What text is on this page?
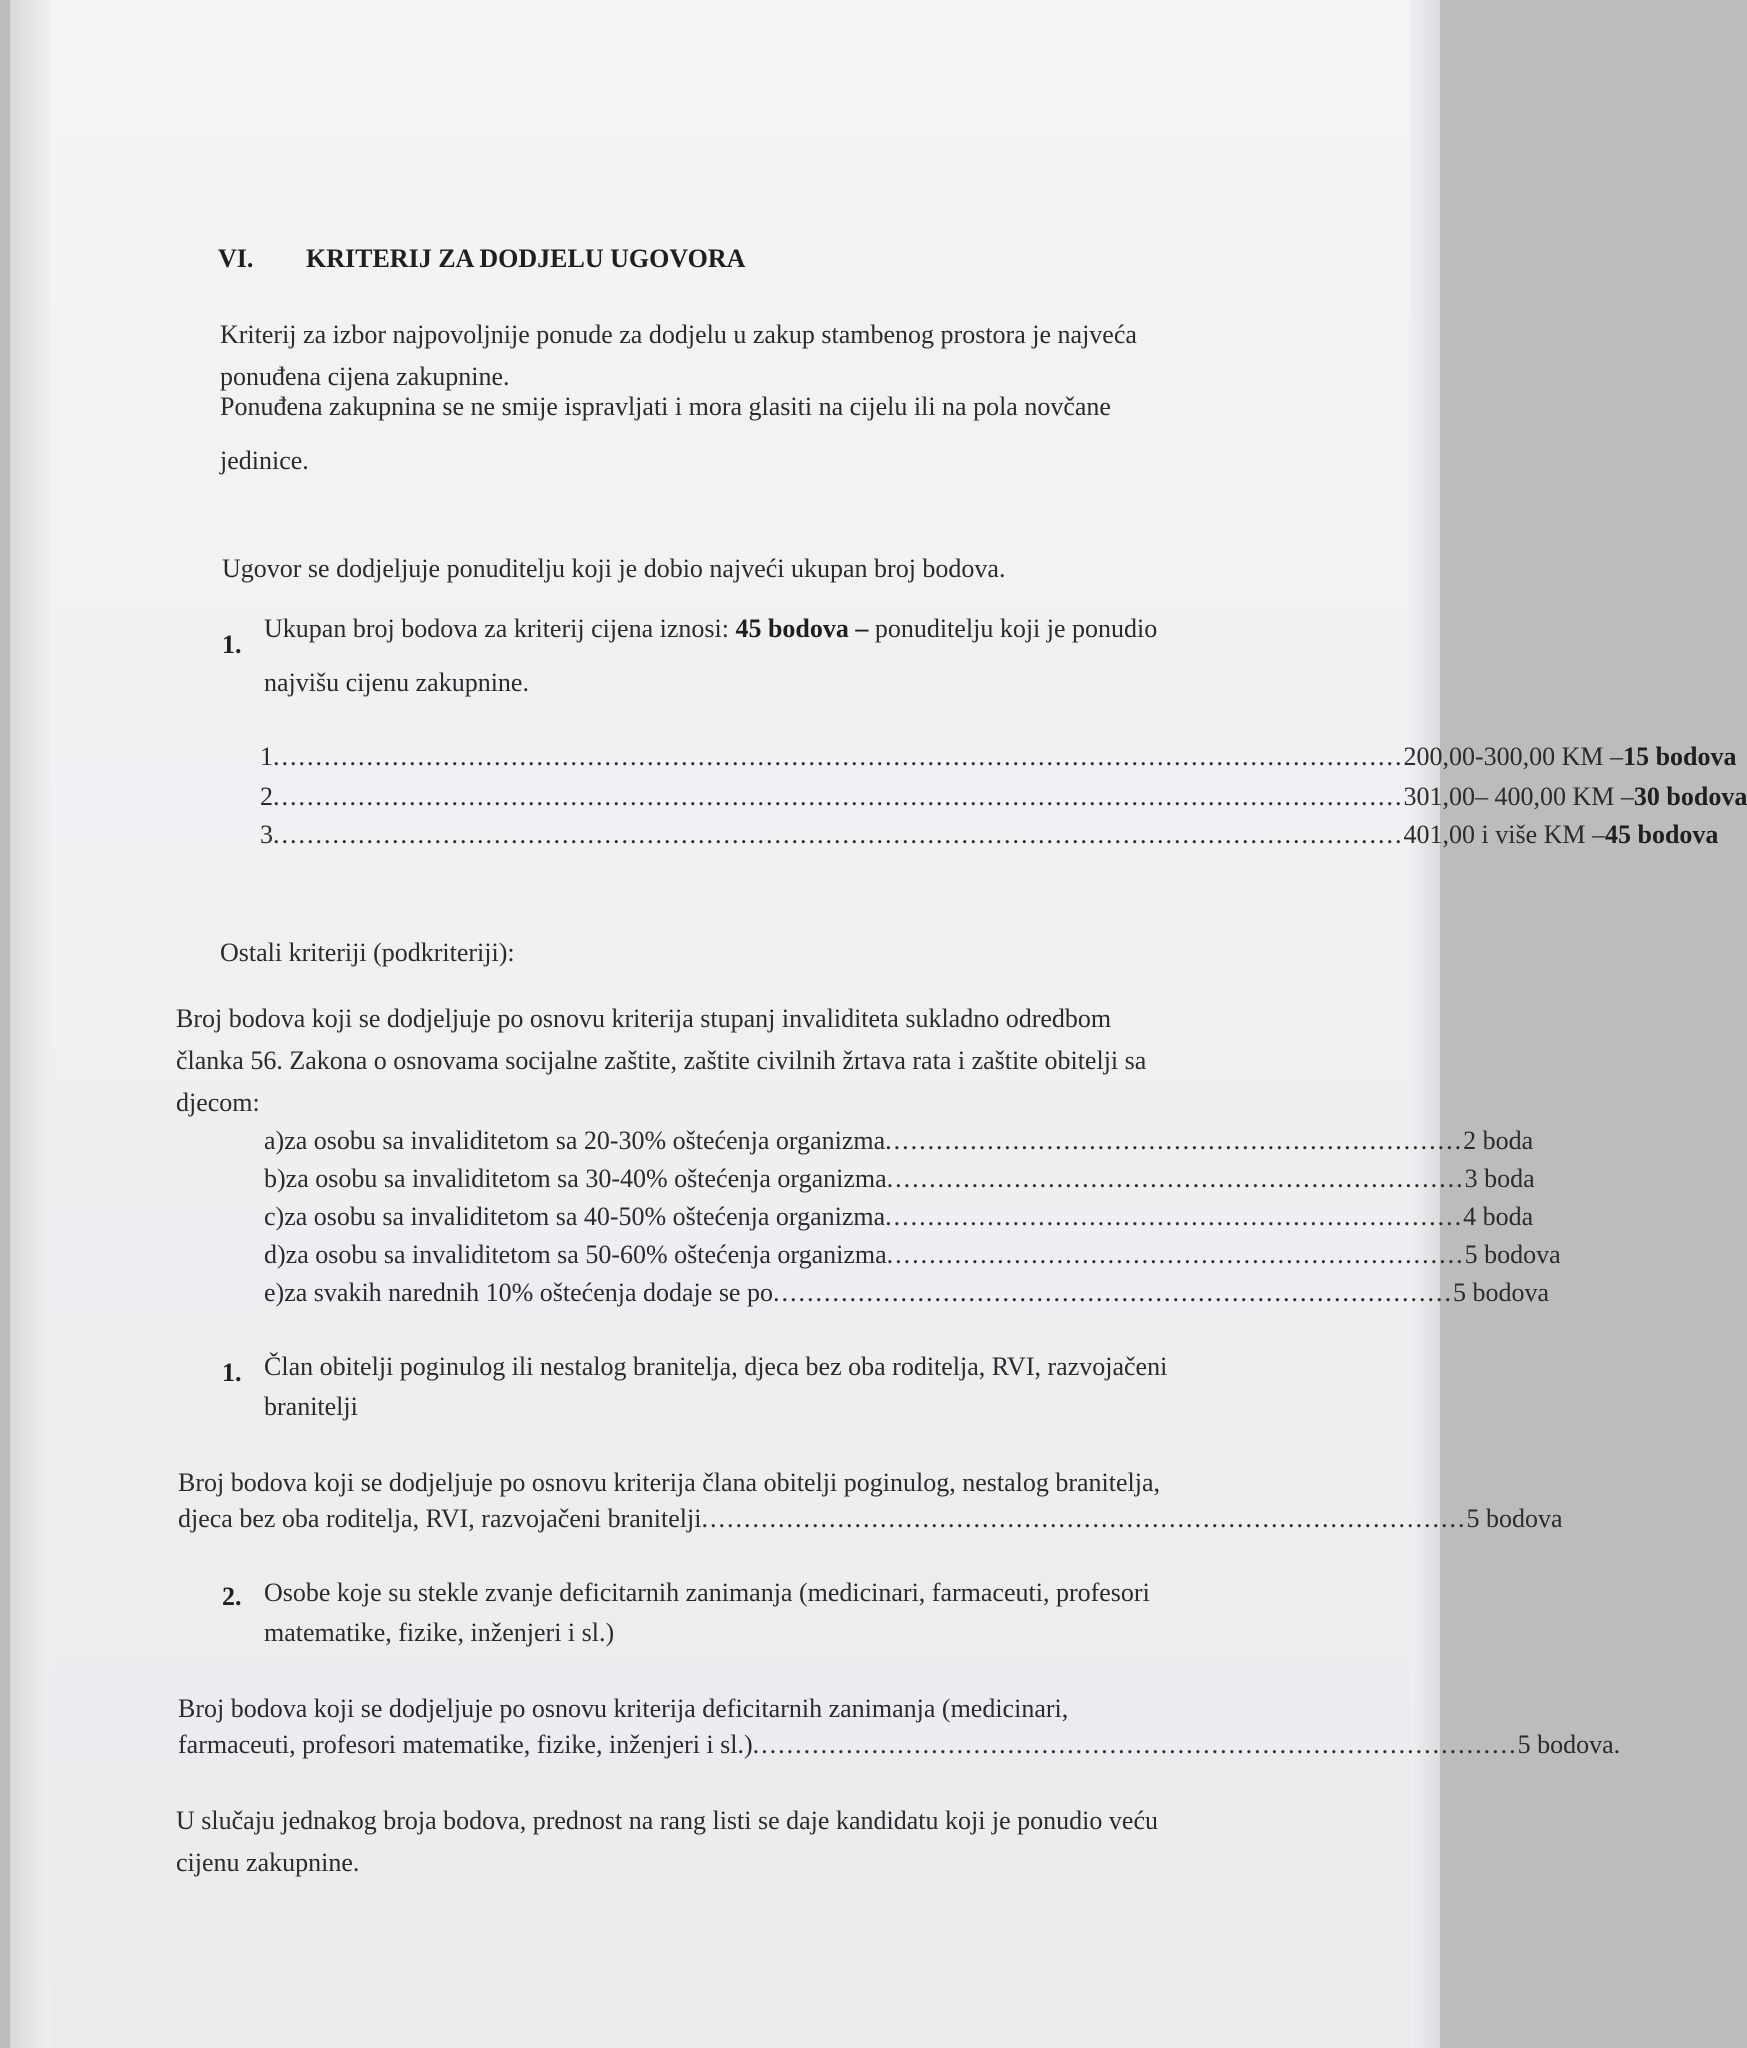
VI. KRITERIJ ZA DODJELU UGOVORA
Kriterij za izbor najpovoljnije ponude za dodjelu u zakup stambenog prostora je najveća
ponuđena cijena zakupnine.
Ponuđena zakupnina se ne smije ispravljati i mora glasiti na cijelu ili na pola novčane
jedinice.
Ugovor se dodjeljuje ponuditelju koji je dobio najveći ukupan broj bodova.
1.
Ukupan broj bodova za kriterij cijena iznosi: 45 bodova – ponuditelju koji je ponudio
najvišu cijenu zakupnine.
1 ..................................................................................................................................... 200,00-300,00 KM – 15 bodova
2 ..................................................................................................................................... 301,00– 400,00 KM – 30 bodova
3 ..................................................................................................................................... 401,00 i više KM – 45 bodova
Ostali kriteriji (podkriteriji):
Broj bodova koji se dodjeljuje po osnovu kriterija stupanj invaliditeta sukladno odredbom
članka 56. Zakona o osnovama socijalne zaštite, zaštite civilnih žrtava rata i zaštite obitelji sa
djecom:
a) za osobu sa invaliditetom sa 20-30% oštećenja organizma .................................................................... 2 boda
b) za osobu sa invaliditetom sa 30-40% oštećenja organizma .................................................................... 3 boda
c) za osobu sa invaliditetom sa 40-50% oštećenja organizma .................................................................... 4 boda
d) za osobu sa invaliditetom sa 50-60% oštećenja organizma .................................................................... 5 bodova
e) za svakih narednih 10% oštećenja dodaje se po ................................................................................ 5 bodova
1. Član obitelji poginulog ili nestalog branitelja, djeca bez oba roditelja, RVI, razvojačeni
branitelji
Broj bodova koji se dodjeljuje po osnovu kriterija člana obitelji poginulog, nestalog branitelja,
djeca bez oba roditelja, RVI, razvojačeni branitelji .......................................................................................... 5 bodova
2. Osobe koje su stekle zvanje deficitarnih zanimanja (medicinari, farmaceuti, profesori
matematike, fizike, inženjeri i sl.)
Broj bodova koji se dodjeljuje po osnovu kriterija deficitarnih zanimanja (medicinari,
farmaceuti, profesori matematike, fizike, inženjeri i sl.) .......................................................................................... 5 bodova.
U slučaju jednakog broja bodova, prednost na rang listi se daje kandidatu koji je ponudio veću
cijenu zakupnine.
